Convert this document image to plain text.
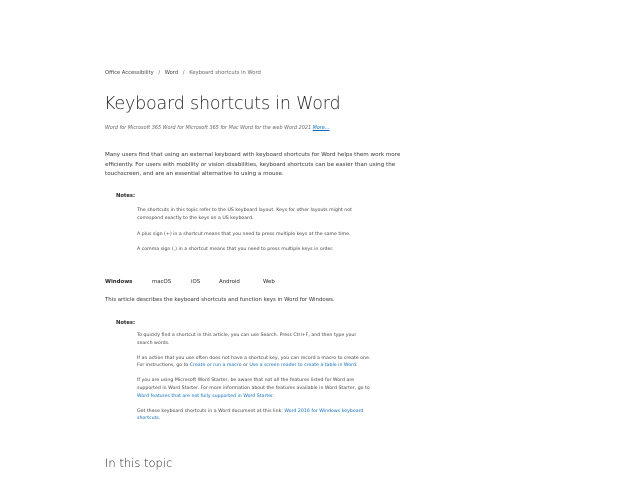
Office Accessibility / Word / Keyboard shortcuts in Word
Keyboard shortcuts in Word
Word for Microsoft 365 Word for Microsoft 365 for Mac Word for the web Word 2021 More...

Many users find that using an external keyboard with keyboard shortcuts for Word helps them work more efficiently. For users with mobility or vision disabilities, keyboard shortcuts can be easier than using the touchscreen, and are an essential alternative to using a mouse.

Notes:

The shortcuts in this topic refer to the US keyboard layout. Keys for other layouts might not correspond exactly to the keys on a US keyboard.

A plus sign (+) in a shortcut means that you need to press multiple keys at the same time.

A comma sign (,) in a shortcut means that you need to press multiple keys in order.

Windows	macOS	iOS	Android	Web
This article describes the keyboard shortcuts and function keys in Word for Windows.
Notes:

To quickly find a shortcut in this article, you can use Search. Press Ctrl+F, and then type your search words.

If an action that you use often does not have a shortcut key, you can record a macro to create one. For instructions, go to Create or run a macro or Use a screen reader to create a table in Word.

If you are using Microsoft Word Starter, be aware that not all the features listed for Word are supported in Word Starter. For more information about the features available in Word Starter, go to Word features that are not fully supported in Word Starter.

Get these keyboard shortcuts in a Word document at this link: Word 2016 for Windows keyboard shortcuts.

In this topic
